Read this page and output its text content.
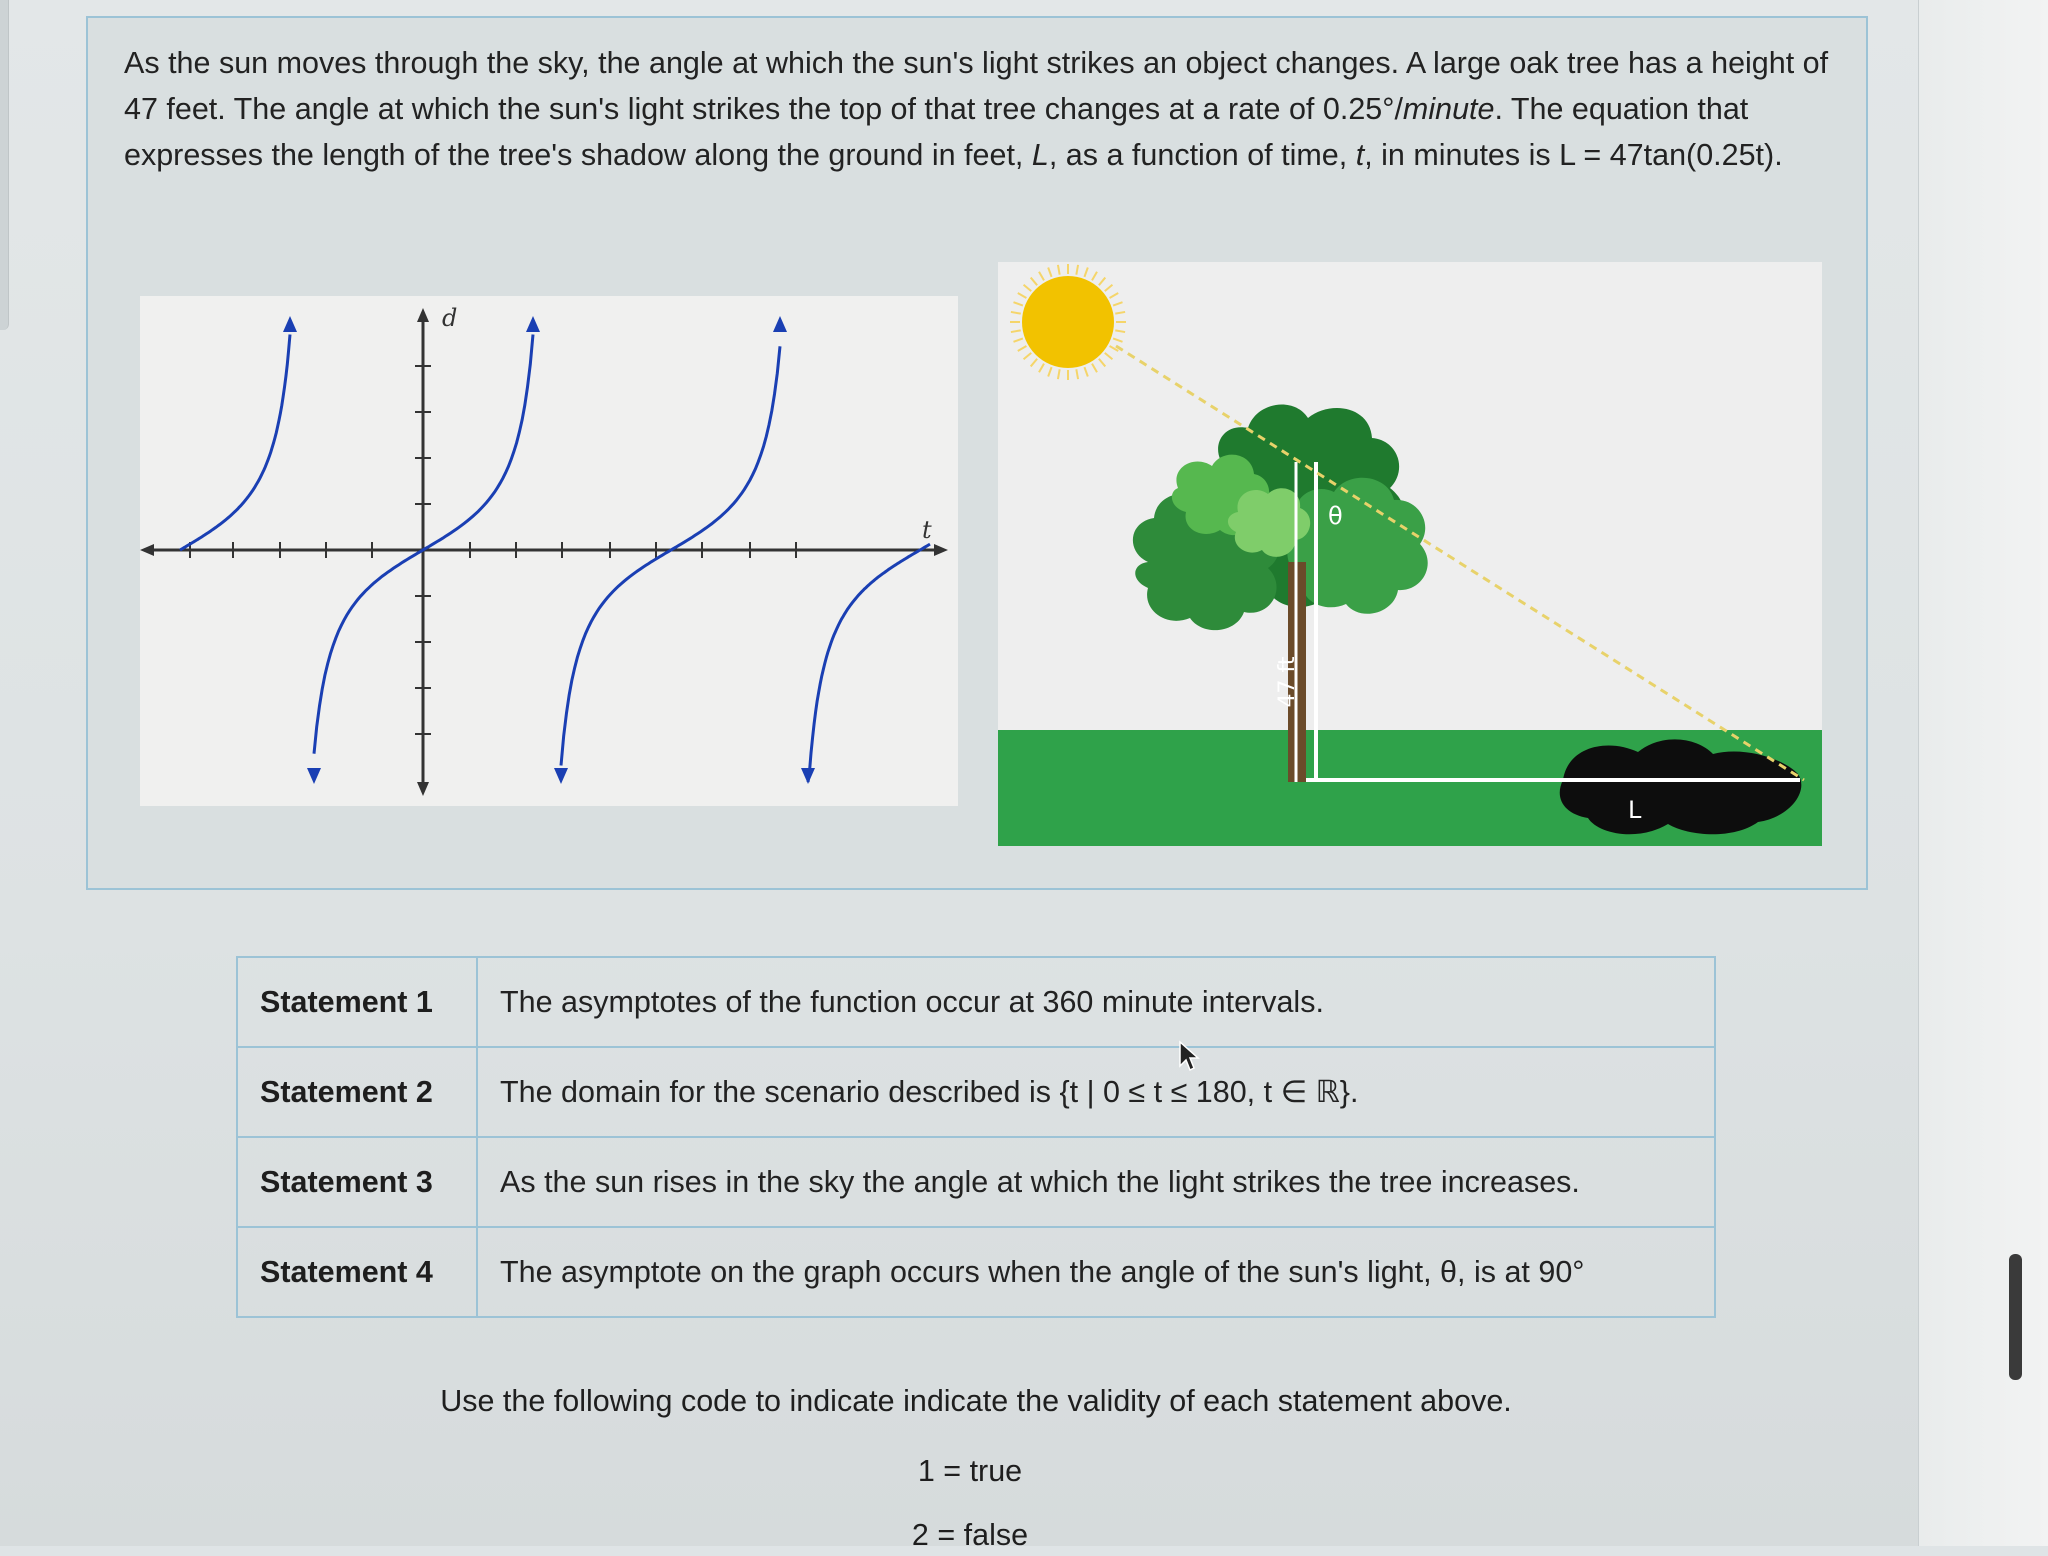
As the sun moves through the sky, the angle at which the sun's light strikes an object changes. A large oak tree has a height of 47 feet. The angle at which the sun's light strikes the top of that tree changes at a rate of 0.25°/minute. The equation that expresses the length of the tree's shadow along the ground in feet, L, as a function of time, t, in minutes is L = 47tan(0.25t).
d
t	θ
47 ft
L
Statement 1	The asymptotes of the function occur at 360 minute intervals.
Statement 2	The domain for the scenario described is {t | 0 ≤ t ≤ 180, t ∈ ℝ}.
Statement 3	As the sun rises in the sky the angle at which the light strikes the tree increases.
Statement 4	The asymptote on the graph occurs when the angle of the sun's light, θ, is at 90°
Use the following code to indicate indicate the validity of each statement above.
1 = true
2 = false
